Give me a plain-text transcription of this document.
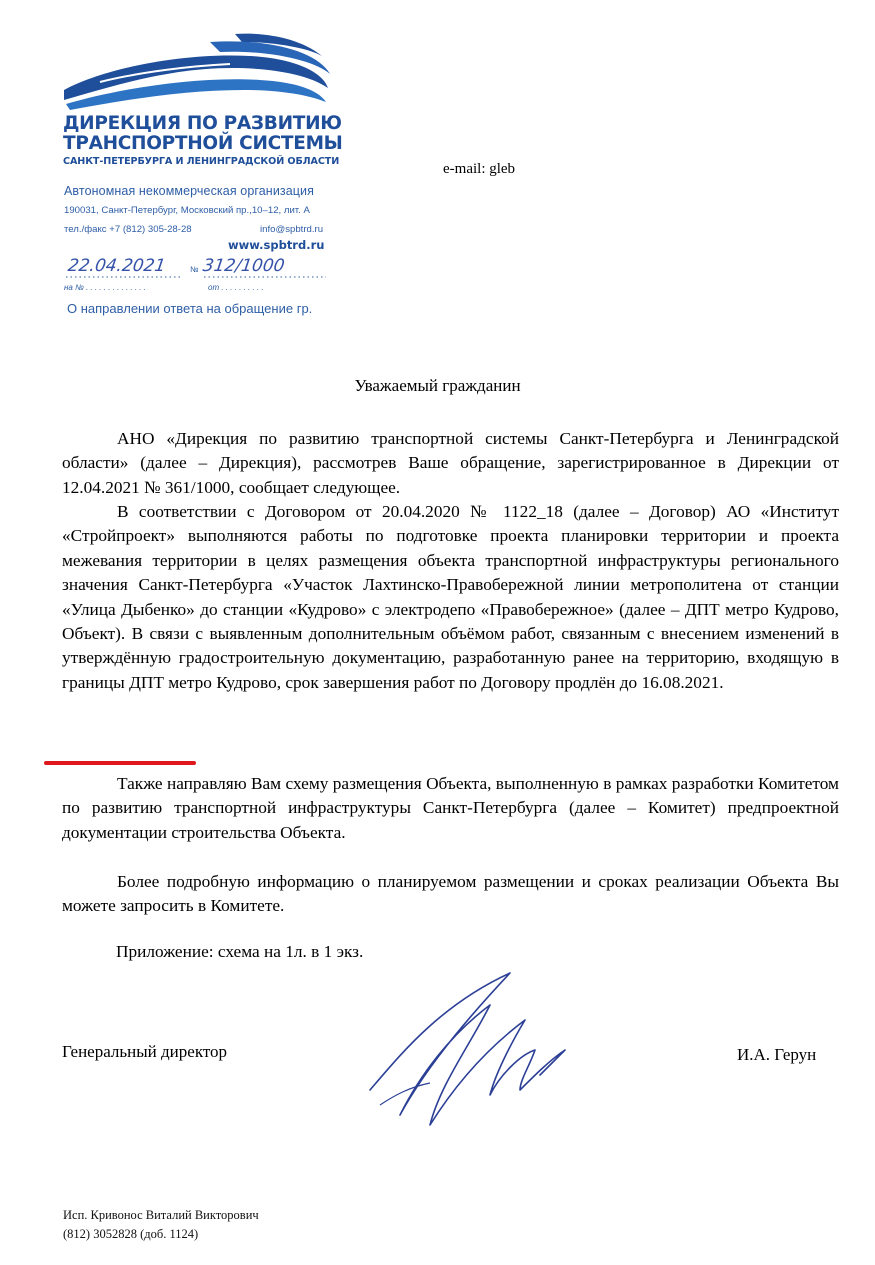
ДИРЕКЦИЯ ПО РАЗВИТИЮ
ТРАНСПОРТНОЙ СИСТЕМЫ
САНКТ-ПЕТЕРБУРГА И ЛЕНИНГРАДСКОЙ ОБЛАСТИ
Автономная некоммерческая организация
190031, Санкт-Петербург, Московский пр.,10–12, лит. А
тел./факс +7 (812) 305-28-28	info@spbtrd.ru
www.spbtrd.ru
22.04.2021	№ 312/1000
на № . . . . . . . . . . . . . .	от . . . . . . . . . .
О направлении ответа на обращение гр.
e-mail: gleb
Уважаемый гражданин

АНО «Дирекция по развитию транспортной системы Санкт-Петербурга и Ленинградской области» (далее – Дирекция), рассмотрев Ваше обращение, зарегистрированное в Дирекции от 12.04.2021 № 361/1000, сообщает следующее.

В соответствии с Договором от 20.04.2020 № 1122_18 (далее – Договор) АО «Институт «Стройпроект» выполняются работы по подготовке проекта планировки территории и проекта межевания территории в целях размещения объекта транспортной инфраструктуры регионального значения Санкт-Петербурга «Участок Лахтинско-Правобережной линии метрополитена от станции «Улица Дыбенко» до станции «Кудрово» с электродепо «Правобережное» (далее – ДПТ метро Кудрово, Объект). В связи с выявленным дополнительным объёмом работ, связанным с внесением изменений в утверждённую градостроительную документацию, разработанную ранее на территорию, входящую в границы ДПТ метро Кудрово, срок завершения работ по Договору продлён до 16.08.2021.

Также направляю Вам схему размещения Объекта, выполненную в рамках разработки Комитетом по развитию транспортной инфраструктуры Санкт-Петербурга (далее – Комитет) предпроектной документации строительства Объекта.

Более подробную информацию о планируемом размещении и сроках реализации Объекта Вы можете запросить в Комитете.

Приложение: схема на 1л. в 1 экз.
Генеральный директор	И.А. Герун
Исп. Кривонос Виталий Викторович
(812) 3052828 (доб. 1124)
